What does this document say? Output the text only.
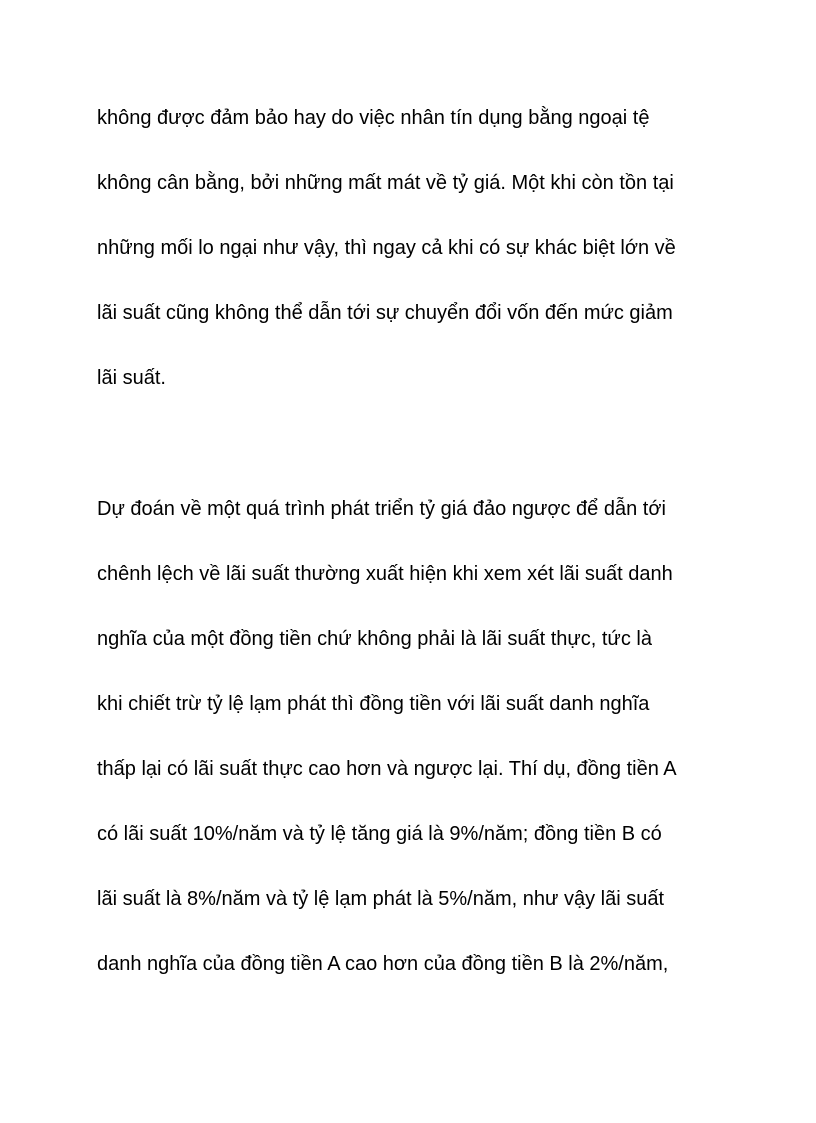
không được đảm bảo hay do việc nhân tín dụng bằng ngoại tệ
không cân bằng, bởi những mất mát về tỷ giá. Một khi còn tồn tại
những mối lo ngại như vậy, thì ngay cả khi có sự khác biệt lớn về
lãi suất cũng không thể dẫn tới sự chuyển đổi vốn đến mức giảm
lãi suất.
Dự đoán về một quá trình phát triển tỷ giá đảo ngược để dẫn tới
chênh lệch về lãi suất thường xuất hiện khi xem xét lãi suất danh
nghĩa của một đồng tiền chứ không phải là lãi suất thực, tức là
khi chiết trừ tỷ lệ lạm phát thì đồng tiền với lãi suất danh nghĩa
thấp lại có lãi suất thực cao hơn và ngược lại. Thí dụ, đồng tiền A
có lãi suất 10%/năm và tỷ lệ tăng giá là 9%/năm; đồng tiền B có
lãi suất là 8%/năm và tỷ lệ lạm phát là 5%/năm, như vậy lãi suất
danh nghĩa của đồng tiền A cao hơn của đồng tiền B là 2%/năm,
